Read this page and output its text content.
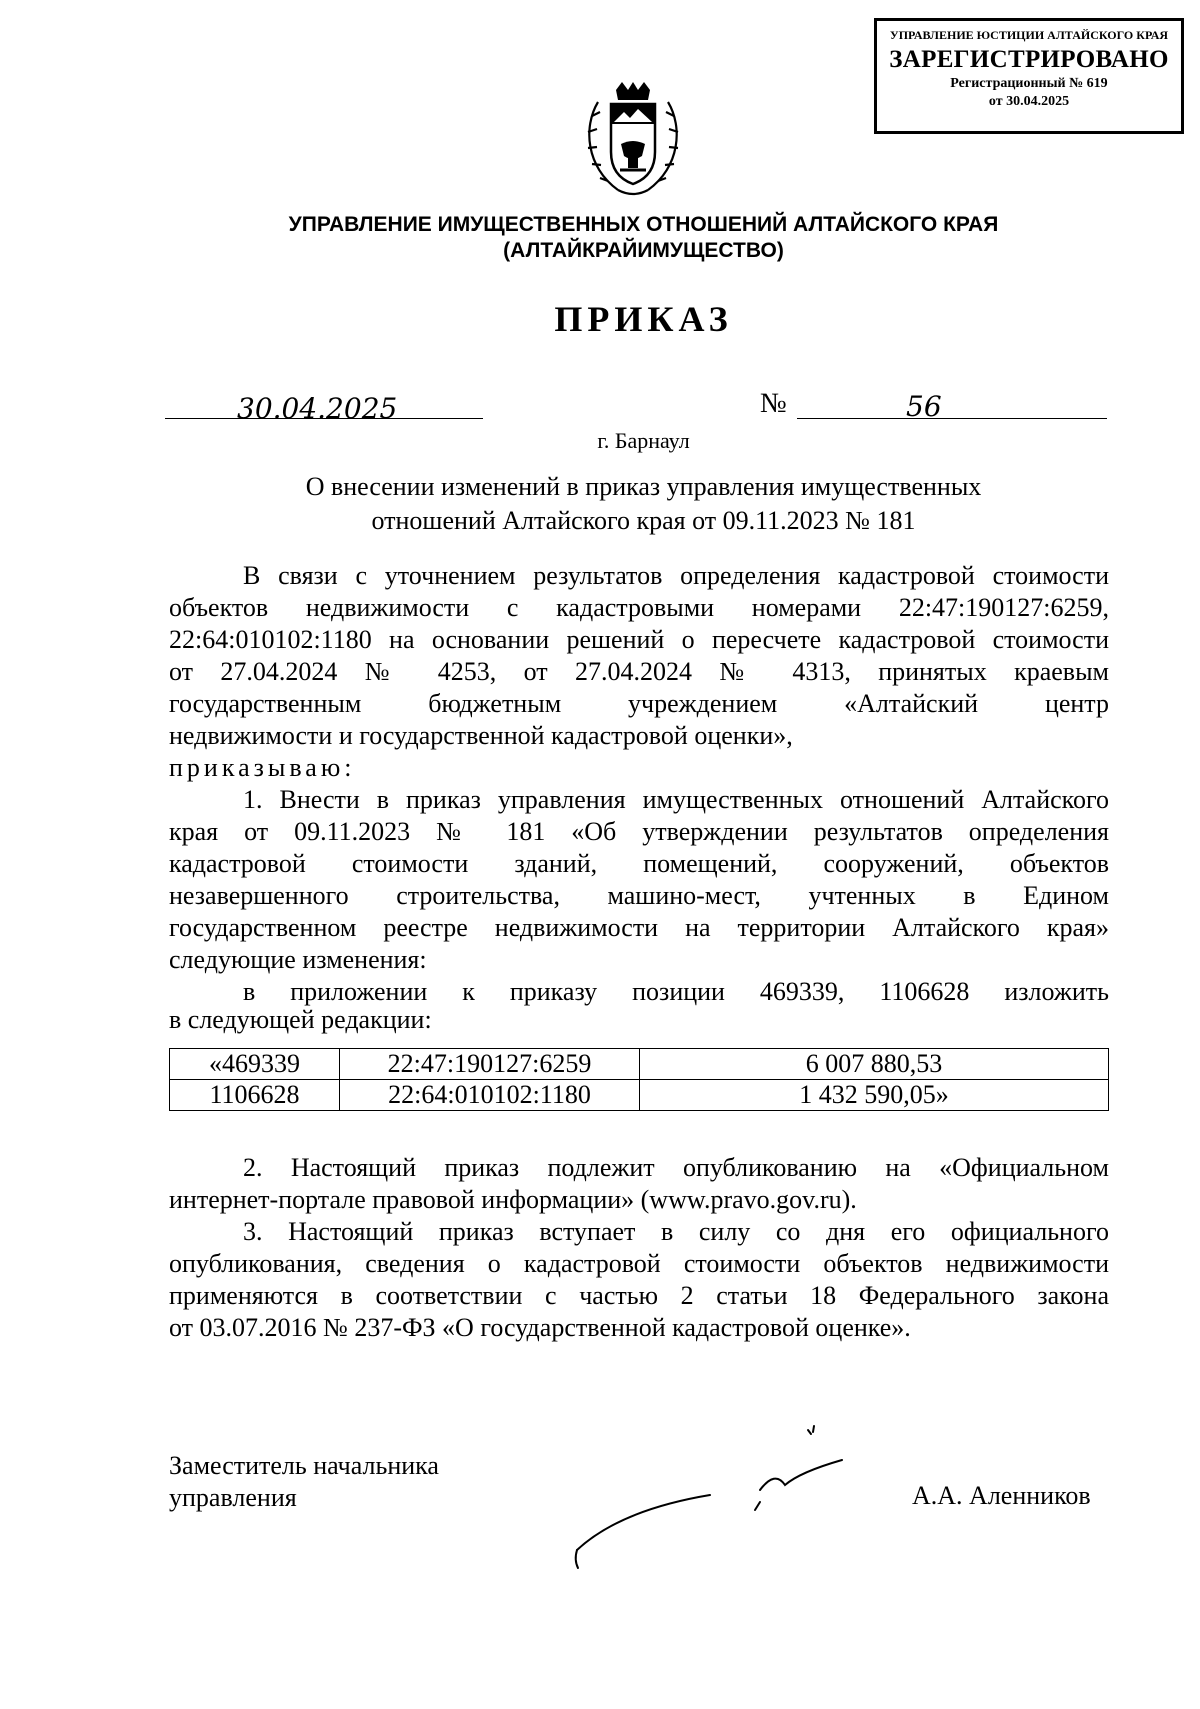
УПРАВЛЕНИЕ ЮСТИЦИИ АЛТАЙСКОГО КРАЯ
ЗАРЕГИСТРИРОВАНО
Регистрационный № 619
от 30.04.2025
УПРАВЛЕНИЕ ИМУЩЕСТВЕННЫХ ОТНОШЕНИЙ АЛТАЙСКОГО КРАЯ
(АЛТАЙКРАЙИМУЩЕСТВО)
ПРИКАЗ
30.04.2025	№	56
г. Барнаул
О внесении изменений в приказ управления имущественных
отношений Алтайского края от 09.11.2023 № 181

В связи с уточнением результатов определения кадастровой стоимости

объектов недвижимости с кадастровыми номерами 22:47:190127:6259,

22:64:010102:1180 на основании решений о пересчете кадастровой стоимости

от 27.04.2024 № 4253, от 27.04.2024 № 4313, принятых краевым

государственным бюджетным учреждением «Алтайский центр

недвижимости и государственной кадастровой оценки»,

приказываю:

1. Внести в приказ управления имущественных отношений Алтайского

края от 09.11.2023 № 181 «Об утверждении результатов определения

кадастровой стоимости зданий, помещений, сооружений, объектов

незавершенного строительства, машино-мест, учтенных в Едином

государственном реестре недвижимости на территории Алтайского края»

следующие изменения:

в приложении к приказу позиции 469339, 1106628 изложить

в следующей редакции:

«469339	22:47:190127:6259	6 007 880,53
1106628	22:64:010102:1180	1 432 590,05»

2. Настоящий приказ подлежит опубликованию на «Официальном

интернет-портале правовой информации» (www.pravo.gov.ru).

3. Настоящий приказ вступает в силу со дня его официального

опубликования, сведения о кадастровой стоимости объектов недвижимости

применяются в соответствии с частью 2 статьи 18 Федерального закона

от 03.07.2016 № 237-ФЗ «О государственной кадастровой оценке».

Заместитель начальника
управления	А.А. Аленников
